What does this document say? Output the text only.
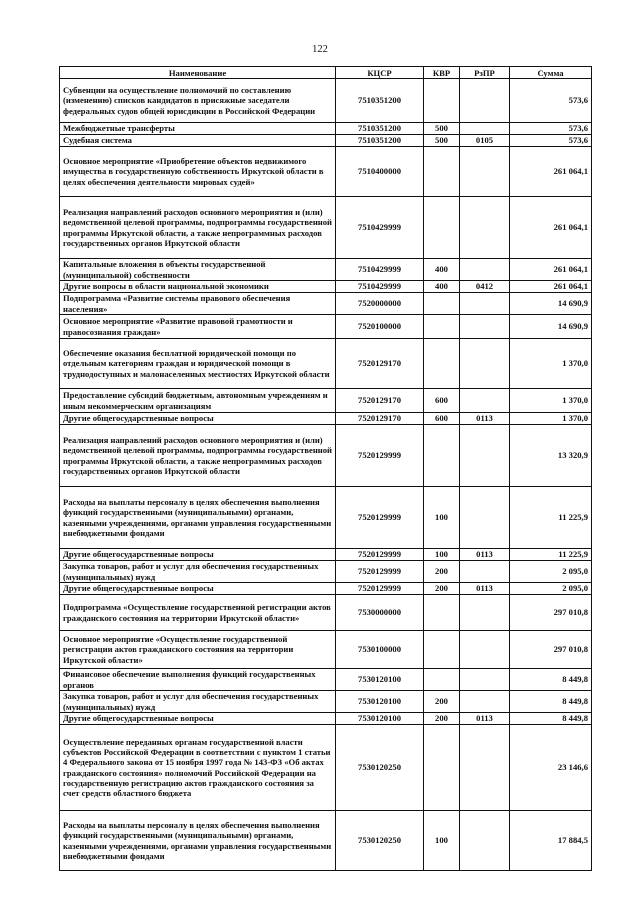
122
Наименование	КЦСР	КВР	РзПР	Сумма
Субвенции на осуществление полномочий по составлению (изменению) списков кандидатов в присяжные заседатели федеральных судов общей юрисдикции в Российской Федерации	7510351200			573,6
Межбюджетные трансферты	7510351200	500		573,6
Судебная система	7510351200	500	0105	573,6
Основное мероприятие «Приобретение объектов недвижимого имущества в государственную собственность Иркутской области в целях обеспечения деятельности мировых судей»	7510400000			261 064,1
Реализация направлений расходов основного мероприятия и (или) ведомственной целевой программы, подпрограммы государственной программы Иркутской области, а также непрограммных расходов государственных органов Иркутской области	7510429999			261 064,1
Капитальные вложения в объекты государственной (муниципальной) собственности	7510429999	400		261 064,1
Другие вопросы в области национальной экономики	7510429999	400	0412	261 064,1
Подпрограмма «Развитие системы правового обеспечения населения»	7520000000			14 690,9
Основное мероприятие «Развитие правовой грамотности и правосознания граждан»	7520100000			14 690,9
Обеспечение оказания бесплатной юридической помощи по отдельным категориям граждан и юридической помощи в труднодоступных и малонаселенных местностях Иркутской области	7520129170			1 370,0
Предоставление субсидий бюджетным, автономным учреждениям и иным некоммерческим организациям	7520129170	600		1 370,0
Другие общегосударственные вопросы	7520129170	600	0113	1 370,0
Реализация направлений расходов основного мероприятия и (или) ведомственной целевой программы, подпрограммы государственной программы Иркутской области, а также непрограммных расходов государственных органов Иркутской области	7520129999			13 320,9
Расходы на выплаты персоналу в целях обеспечения выполнения функций государственными (муниципальными) органами, казенными учреждениями, органами управления государственными внебюджетными фондами	7520129999	100		11 225,9
Другие общегосударственные вопросы	7520129999	100	0113	11 225,9
Закупка товаров, работ и услуг для обеспечения государственных (муниципальных) нужд	7520129999	200		2 095,0
Другие общегосударственные вопросы	7520129999	200	0113	2 095,0
Подпрограмма «Осуществление государственной регистрации актов гражданского состояния на территории Иркутской области»	7530000000			297 010,8
Основное мероприятие «Осуществление государственной регистрации актов гражданского состояния на территории Иркутской области»	7530100000			297 010,8
Финансовое обеспечение выполнения функций государственных органов	7530120100			8 449,8
Закупка товаров, работ и услуг для обеспечения государственных (муниципальных) нужд	7530120100	200		8 449,8
Другие общегосударственные вопросы	7530120100	200	0113	8 449,8
Осуществление переданных органам государственной власти субъектов Российской Федерации в соответствии с пунктом 1 статьи 4 Федерального закона от 15 ноября 1997 года № 143-ФЗ «Об актах гражданского состояния» полномочий Российской Федерации на государственную регистрацию актов гражданского состояния за счет средств областного бюджета	7530120250			23 146,6
Расходы на выплаты персоналу в целях обеспечения выполнения функций государственными (муниципальными) органами, казенными учреждениями, органами управления государственными внебюджетными фондами	7530120250	100		17 884,5
